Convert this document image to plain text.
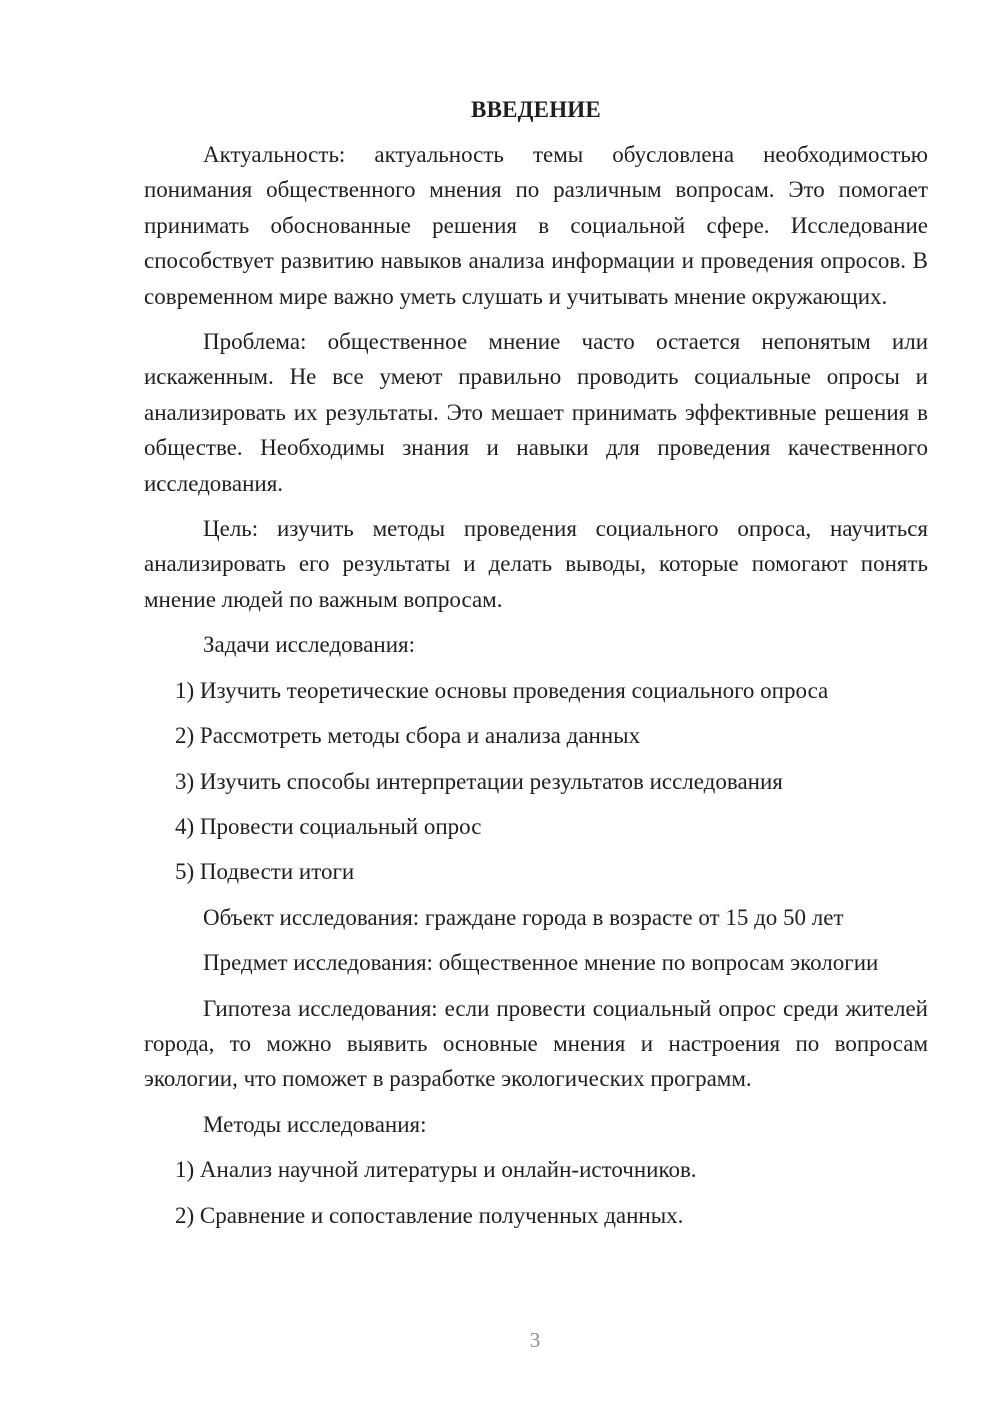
ВВЕДЕНИЕ

Актуальность: актуальность темы обусловлена необходимостью понимания общественного мнения по различным вопросам. Это помогает принимать обоснованные решения в социальной сфере. Исследование способствует развитию навыков анализа информации и проведения опросов. В современном мире важно уметь слушать и учитывать мнение окружающих.

Проблема: общественное мнение часто остается непонятым или искаженным. Не все умеют правильно проводить социальные опросы и анализировать их результаты. Это мешает принимать эффективные решения в обществе. Необходимы знания и навыки для проведения качественного исследования.

Цель: изучить методы проведения социального опроса, научиться анализировать его результаты и делать выводы, которые помогают понять мнение людей по важным вопросам.

Задачи исследования:

1) Изучить теоретические основы проведения социального опроса
2) Рассмотреть методы сбора и анализа данных
3) Изучить способы интерпретации результатов исследования
4) Провести социальный опрос
5) Подвести итоги

Объект исследования: граждане города в возрасте от 15 до 50 лет

Предмет исследования: общественное мнение по вопросам экологии

Гипотеза исследования: если провести социальный опрос среди жителей города, то можно выявить основные мнения и настроения по вопросам экологии, что поможет в разработке экологических программ.

Методы исследования:

1) Анализ научной литературы и онлайн-источников.
2) Сравнение и сопоставление полученных данных.
3
